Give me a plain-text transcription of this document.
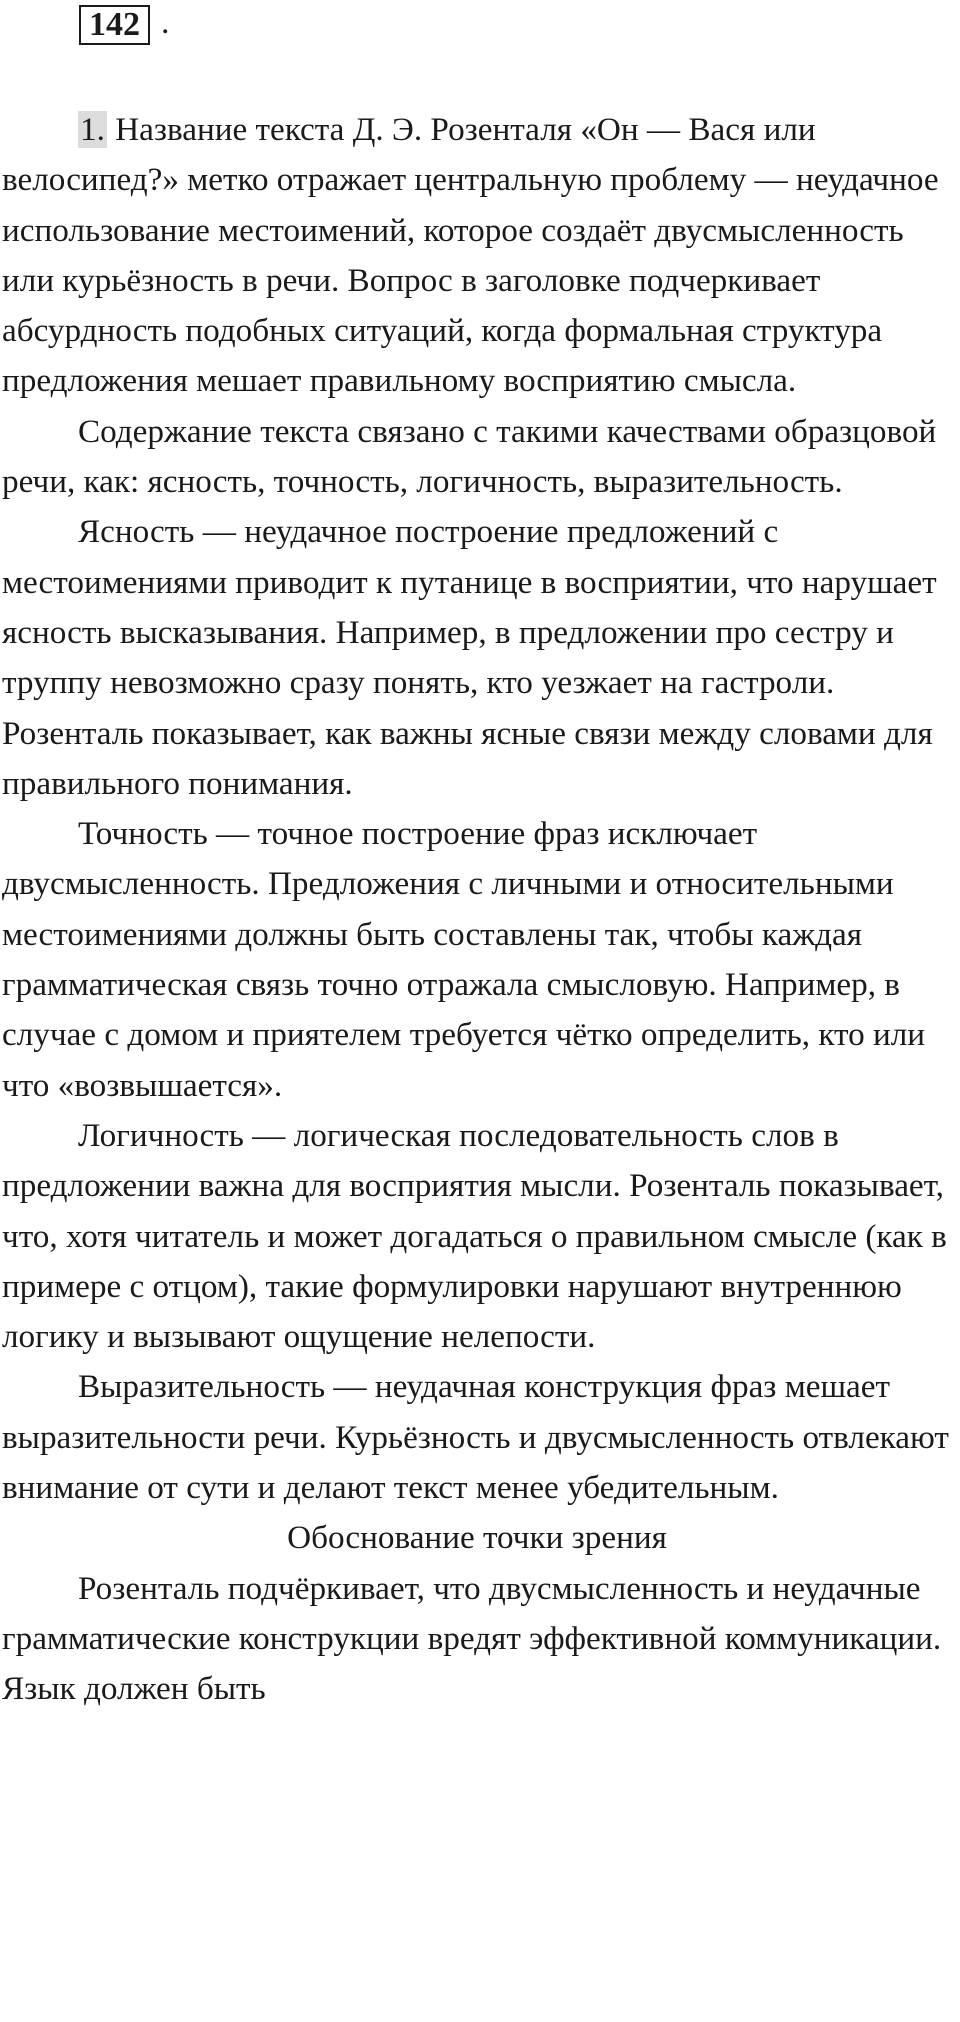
142 .

1. Название текста Д. Э. Розенталя «Он — Вася или велосипед?» метко отражает центральную проблему — неудачное использование местоимений, которое создаёт двусмысленность или курьёзность в речи. Вопрос в заголовке подчеркивает абсурдность подобных ситуаций, когда формальная структура предложения мешает правильному восприятию смысла.

Содержание текста связано с такими качествами образцовой речи, как: ясность, точность, логичность, выразительность.

Ясность — неудачное построение предложений с местоимениями приводит к путанице в восприятии, что нарушает ясность высказывания. Например, в предложении про сестру и труппу невозможно сразу понять, кто уезжает на гастроли. Розенталь показывает, как важны ясные связи между словами для правильного понимания.

Точность — точное построение фраз исключает двусмысленность. Предложения с личными и относительными местоимениями должны быть составлены так, чтобы каждая грамматическая связь точно отражала смысловую. Например, в случае с домом и приятелем требуется чётко определить, кто или что «возвышается».

Логичность — логическая последовательность слов в предложении важна для восприятия мысли. Розенталь показывает, что, хотя читатель и может догадаться о правильном смысле (как в примере с отцом), такие формулировки нарушают внутреннюю логику и вызывают ощущение нелепости.

Выразительность — неудачная конструкция фраз мешает выразительности речи. Курьёзность и двусмысленность отвлекают внимание от сути и делают текст менее убедительным.

Обоснование точки зрения

Розенталь подчёркивает, что двусмысленность и неудачные грамматические конструкции вредят эффективной коммуникации. Язык должен быть
